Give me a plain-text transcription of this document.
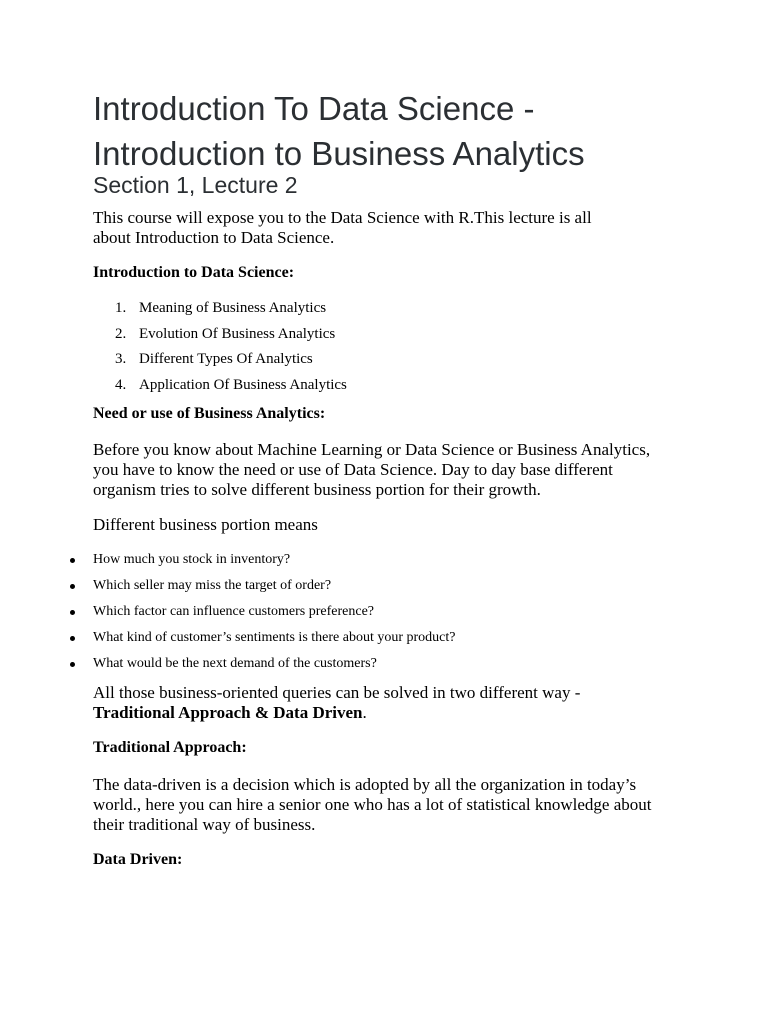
Introduction To Data Science -
Introduction to Business Analytics
Section 1, Lecture 2

This course will expose you to the Data Science with R.This lecture is all
about Introduction to Data Science.

Introduction to Data Science:

1. Meaning of Business Analytics
2. Evolution Of Business Analytics
3. Different Types Of Analytics
4. Application Of Business Analytics

Need or use of Business Analytics:

Before you know about Machine Learning or Data Science or Business Analytics,
you have to know the need or use of Data Science. Day to day base different
organism tries to solve different business portion for their growth.

Different business portion means

How much you stock in inventory?
Which seller may miss the target of order?
Which factor can influence customers preference?
What kind of customer’s sentiments is there about your product?
What would be the next demand of the customers?

All those business-oriented queries can be solved in two different way -
Traditional Approach & Data Driven.

Traditional Approach:

The data-driven is a decision which is adopted by all the organization in today’s
world., here you can hire a senior one who has a lot of statistical knowledge about
their traditional way of business.

Data Driven:
